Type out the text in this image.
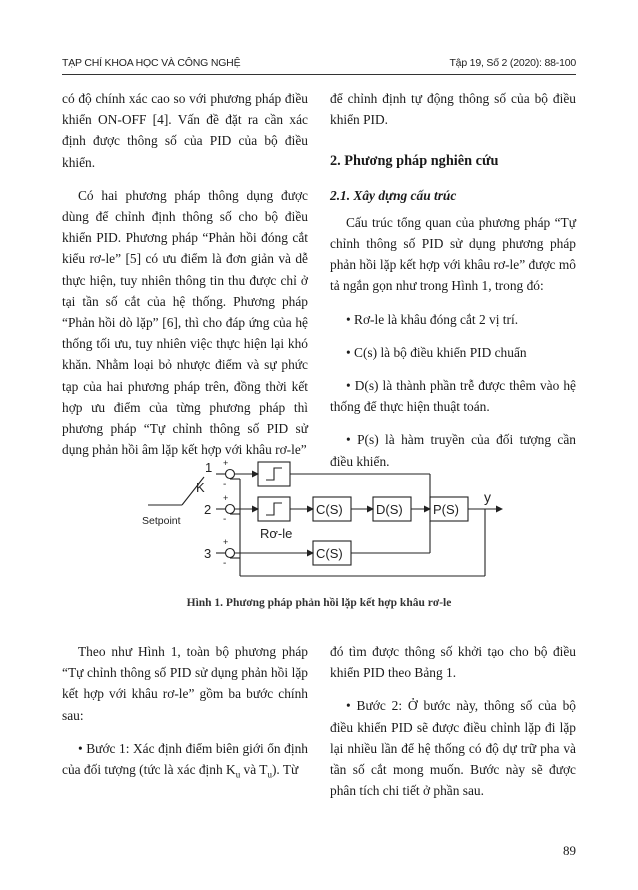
TẠP CHÍ KHOA HỌC VÀ CÔNG NGHỆ	Tập 19, Số 2 (2020): 88-100

có độ chính xác cao so với phương pháp điều khiển ON-OFF [4]. Vấn đề đặt ra cần xác định được thông số của PID của bộ điều khiển.

Có hai phương pháp thông dụng được dùng để chỉnh định thông số cho bộ điều khiển PID. Phương pháp “Phản hồi đóng cắt kiểu rơ-le” [5] có ưu điểm là đơn giản và dễ thực hiện, tuy nhiên thông tin thu được chỉ ở tại tần số cắt của hệ thống. Phương pháp “Phản hồi dò lặp” [6], thì cho đáp ứng của hệ thống tối ưu, tuy nhiên việc thực hiện lại khó khăn. Nhằm loại bỏ nhược điểm và sự phức tạp của hai phương pháp trên, đồng thời kết hợp ưu điểm của từng phương pháp thì phương pháp “Tự chỉnh thông số PID sử dụng phản hồi âm lặp kết hợp với khâu rơ-le”

để chỉnh định tự động thông số của bộ điều khiển PID.

2. Phương pháp nghiên cứu

2.1. Xây dựng cấu trúc

Cấu trúc tổng quan của phương pháp “Tự chỉnh thông số PID sử dụng phương pháp phản hồi lặp kết hợp với khâu rơ-le” được mô tả ngắn gọn như trong Hình 1, trong đó:

• Rơ-le là khâu đóng cắt 2 vị trí.

• C(s) là bộ điều khiển PID chuẩn

• D(s) là thành phần trễ được thêm vào hệ thống để thực hiện thuật toán.

• P(s) là hàm truyền của đối tượng cần điều khiển.

K
1
2
3
+
-
+
-
+
-
Setpoint
C(S)	D(S) P(S)
C(S)
Rơ-le
y
Hình 1. Phương pháp phản hồi lặp kết hợp khâu rơ-le

Theo như Hình 1, toàn bộ phương pháp “Tự chỉnh thông số PID sử dụng phản hồi lặp kết hợp với khâu rơ-le” gồm ba bước chính sau:

• Bước 1: Xác định điểm biên giới ổn định của đối tượng (tức là xác định $K_u$ và $T_u$). Từ

đó tìm được thông số khởi tạo cho bộ điều khiển PID theo Bảng 1.

• Bước 2: Ở bước này, thông số của bộ điều khiển PID sẽ được điều chỉnh lặp đi lặp lại nhiều lần để hệ thống có độ dự trữ pha và tần số cắt mong muốn. Bước này sẽ được phân tích chi tiết ở phần sau.

89
